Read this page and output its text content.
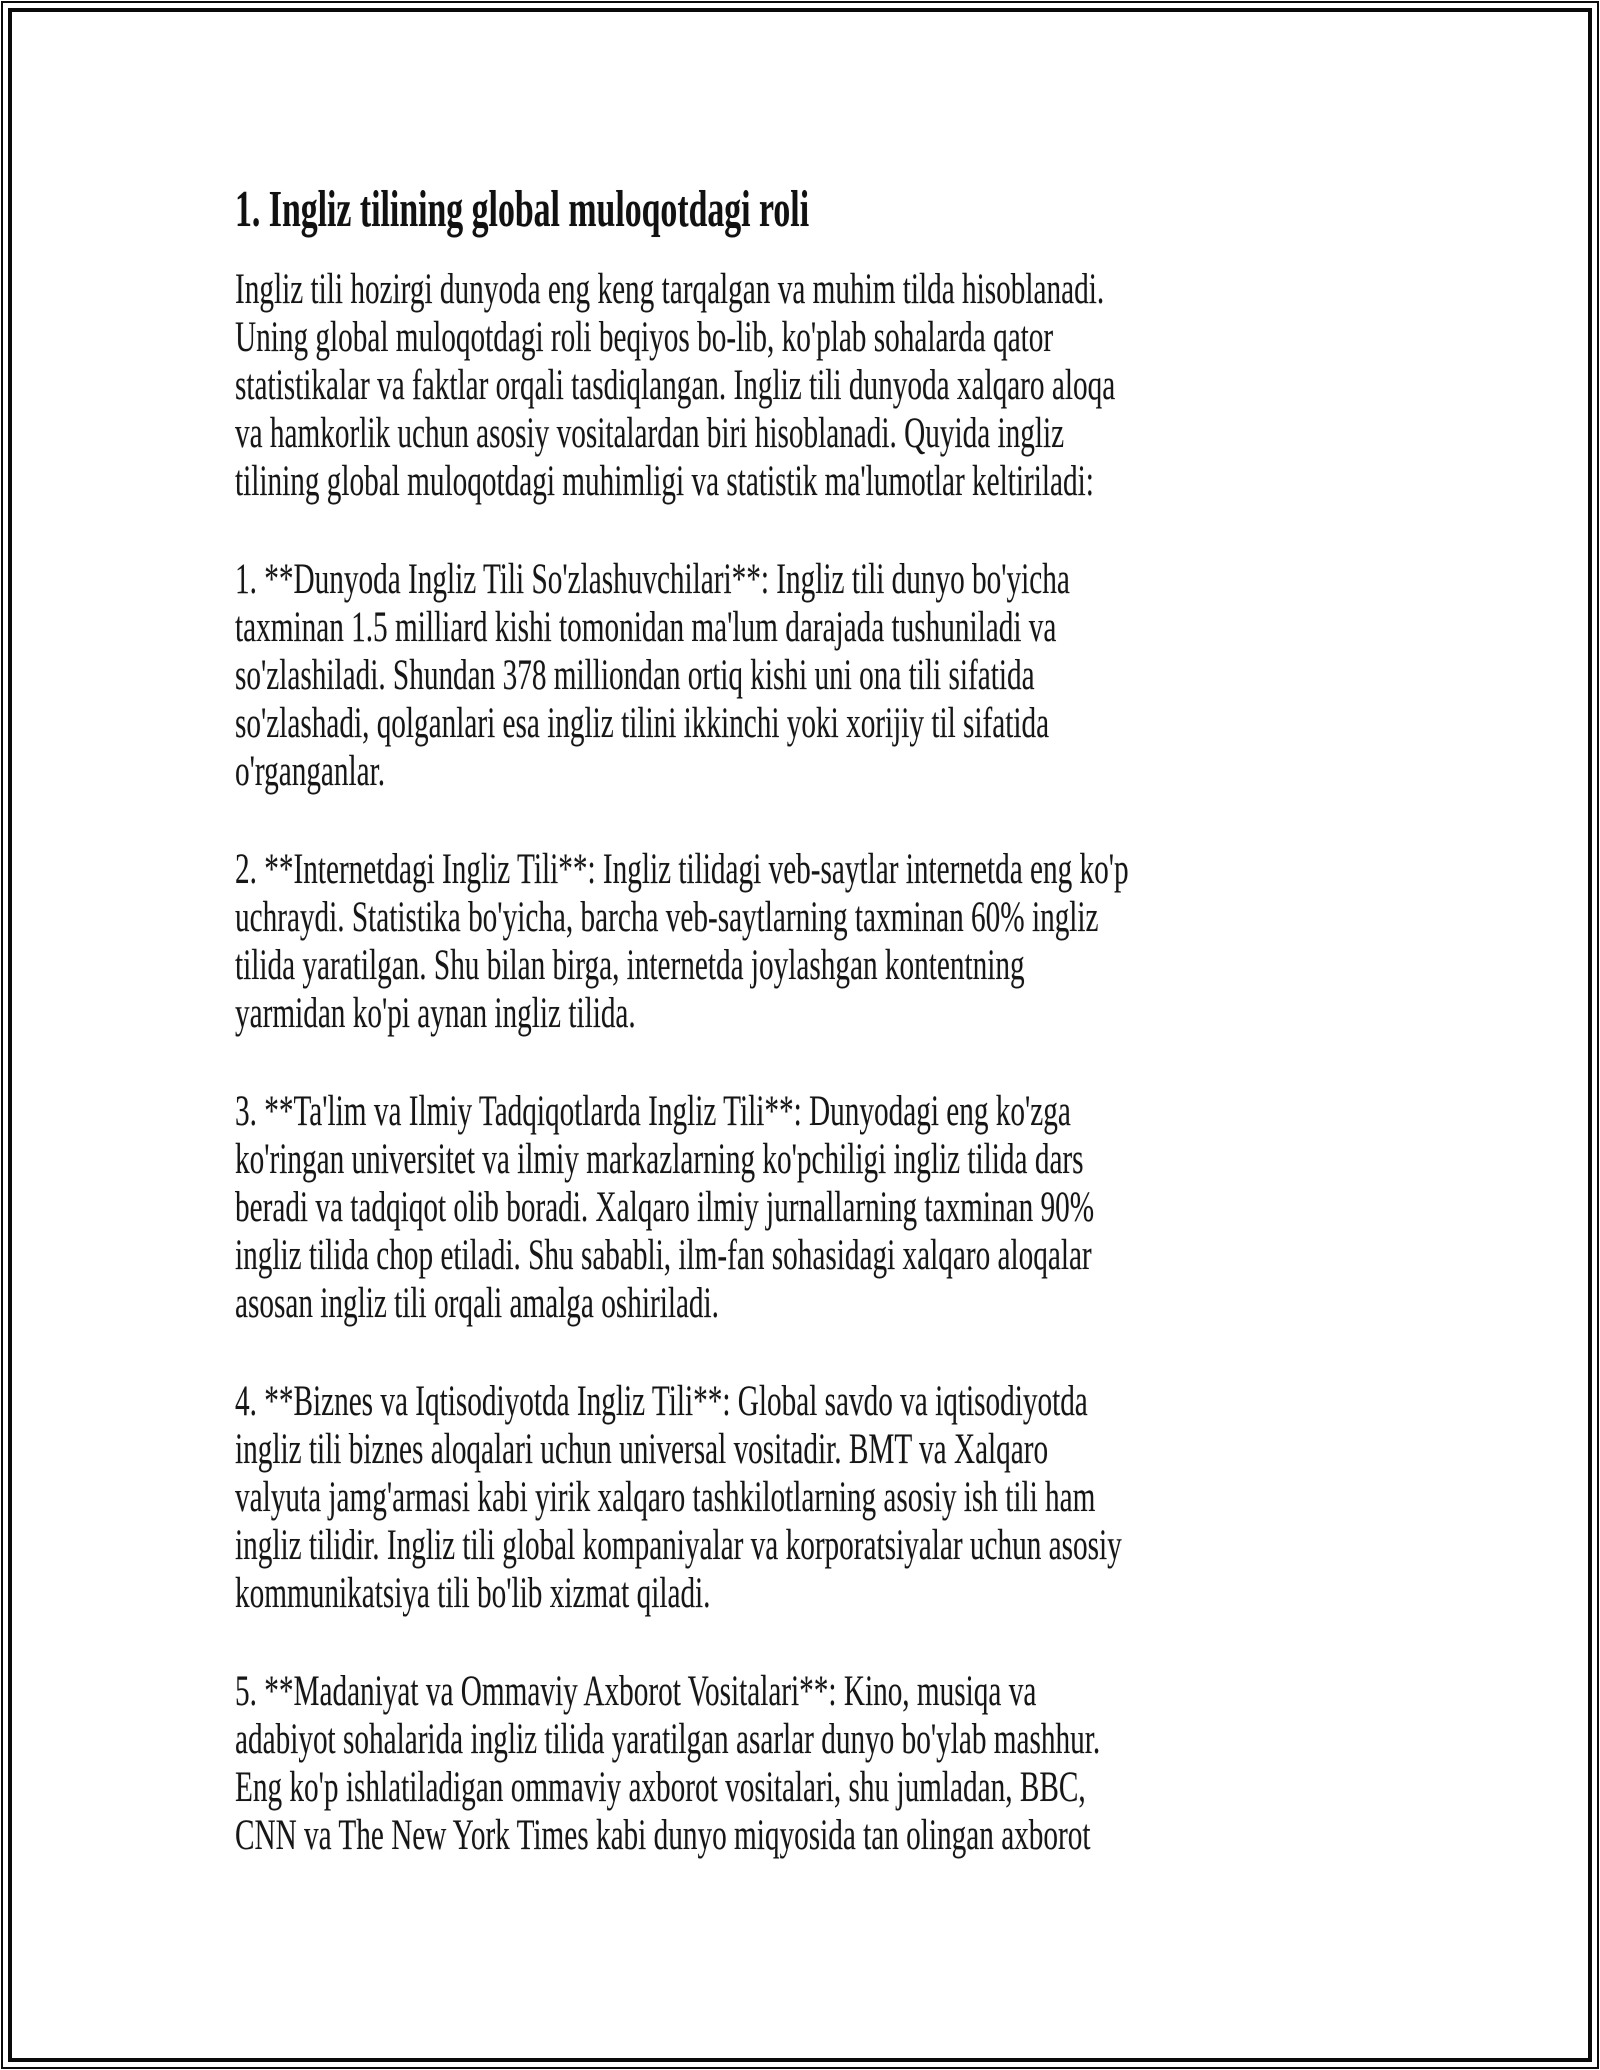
1. Ingliz tilining global muloqotdagi roli
Ingliz tili hozirgi dunyoda eng keng tarqalgan va muhim tilda hisoblanadi.
Uning global muloqotdagi roli beqiyos bo-lib, ko'plab sohalarda qator
statistikalar va faktlar orqali tasdiqlangan. Ingliz tili dunyoda xalqaro aloqa
va hamkorlik uchun asosiy vositalardan biri hisoblanadi. Quyida ingliz
tilining global muloqotdagi muhimligi va statistik ma'lumotlar keltiriladi:
1. **Dunyoda Ingliz Tili So'zlashuvchilari**: Ingliz tili dunyo bo'yicha
taxminan 1.5 milliard kishi tomonidan ma'lum darajada tushuniladi va
so'zlashiladi. Shundan 378 milliondan ortiq kishi uni ona tili sifatida
so'zlashadi, qolganlari esa ingliz tilini ikkinchi yoki xorijiy til sifatida
o'rganganlar.
2. **Internetdagi Ingliz Tili**: Ingliz tilidagi veb-saytlar internetda eng ko'p
uchraydi. Statistika bo'yicha, barcha veb-saytlarning taxminan 60% ingliz
tilida yaratilgan. Shu bilan birga, internetda joylashgan kontentning
yarmidan ko'pi aynan ingliz tilida.
3. **Ta'lim va Ilmiy Tadqiqotlarda Ingliz Tili**: Dunyodagi eng ko'zga
ko'ringan universitet va ilmiy markazlarning ko'pchiligi ingliz tilida dars
beradi va tadqiqot olib boradi. Xalqaro ilmiy jurnallarning taxminan 90%
ingliz tilida chop etiladi. Shu sababli, ilm-fan sohasidagi xalqaro aloqalar
asosan ingliz tili orqali amalga oshiriladi.
4. **Biznes va Iqtisodiyotda Ingliz Tili**: Global savdo va iqtisodiyotda
ingliz tili biznes aloqalari uchun universal vositadir. BMT va Xalqaro
valyuta jamg'armasi kabi yirik xalqaro tashkilotlarning asosiy ish tili ham
ingliz tilidir. Ingliz tili global kompaniyalar va korporatsiyalar uchun asosiy
kommunikatsiya tili bo'lib xizmat qiladi.
5. **Madaniyat va Ommaviy Axborot Vositalari**: Kino, musiqa va
adabiyot sohalarida ingliz tilida yaratilgan asarlar dunyo bo'ylab mashhur.
Eng ko'p ishlatiladigan ommaviy axborot vositalari, shu jumladan, BBC,
CNN va The New York Times kabi dunyo miqyosida tan olingan axborot
